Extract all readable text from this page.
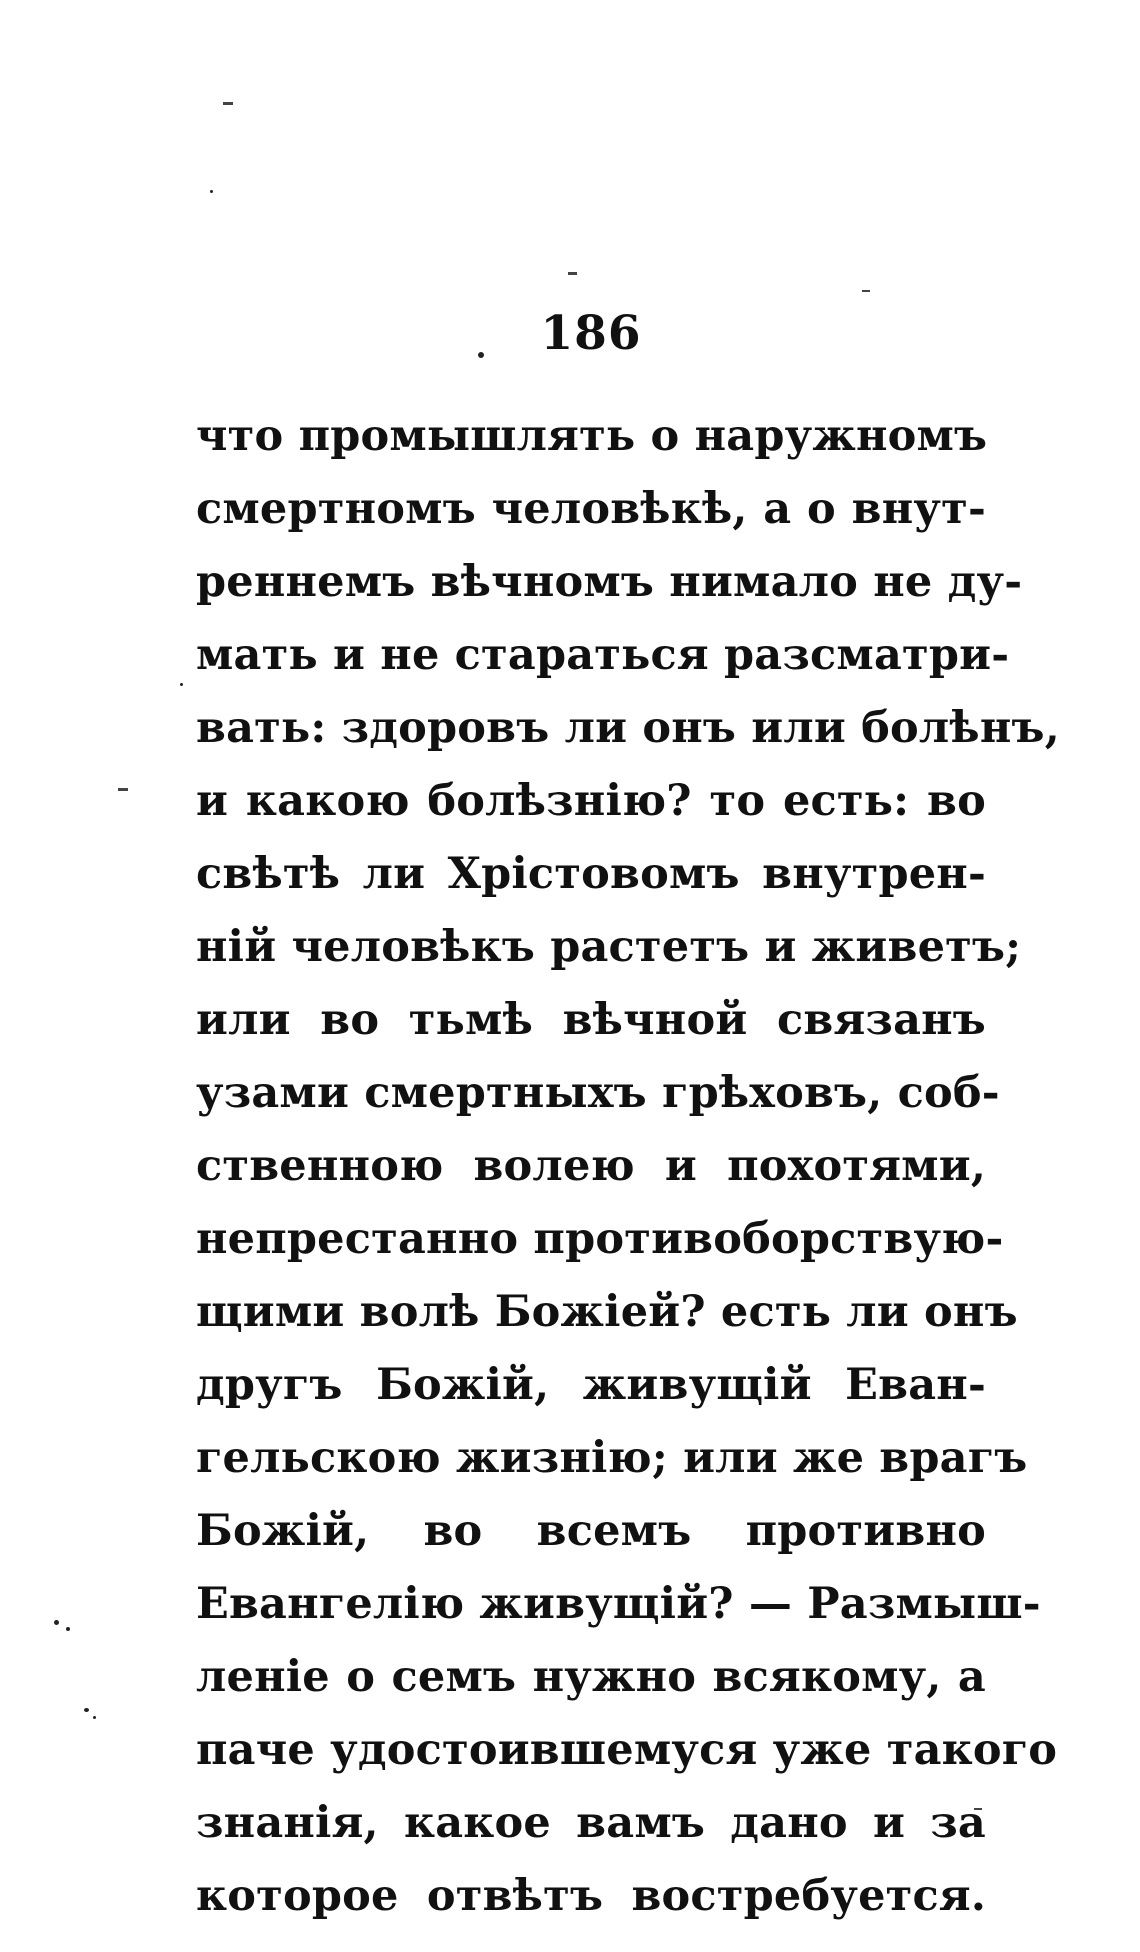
186
что промышлять о наружномъ
смертномъ человѣкѣ, а о внут-
реннемъ вѣчномъ нимало не ду-
мать и не стараться разсматри-
вать: здоровъ ли онъ или болѣнъ,
и какою болѣзнію? то есть: во
свѣтѣ ли Хрістовомъ внутрен-
ній человѣкъ растетъ и живетъ;
или во тьмѣ вѣчной связанъ
узами смертныхъ грѣховъ, соб-
ственною волею и похотями,
непрестанно противоборствую-
щими волѣ Божіей? есть ли онъ
другъ Божій, живущій Еван-
гельскою жизнію; или же врагъ
Божій, во всемъ противно
Евангелію живущій? — Размыш-
леніе о семъ нужно всякому, а
паче удостоившемуся уже такого
знанія, какое вамъ дано и за
которое отвѣтъ востребуется.
